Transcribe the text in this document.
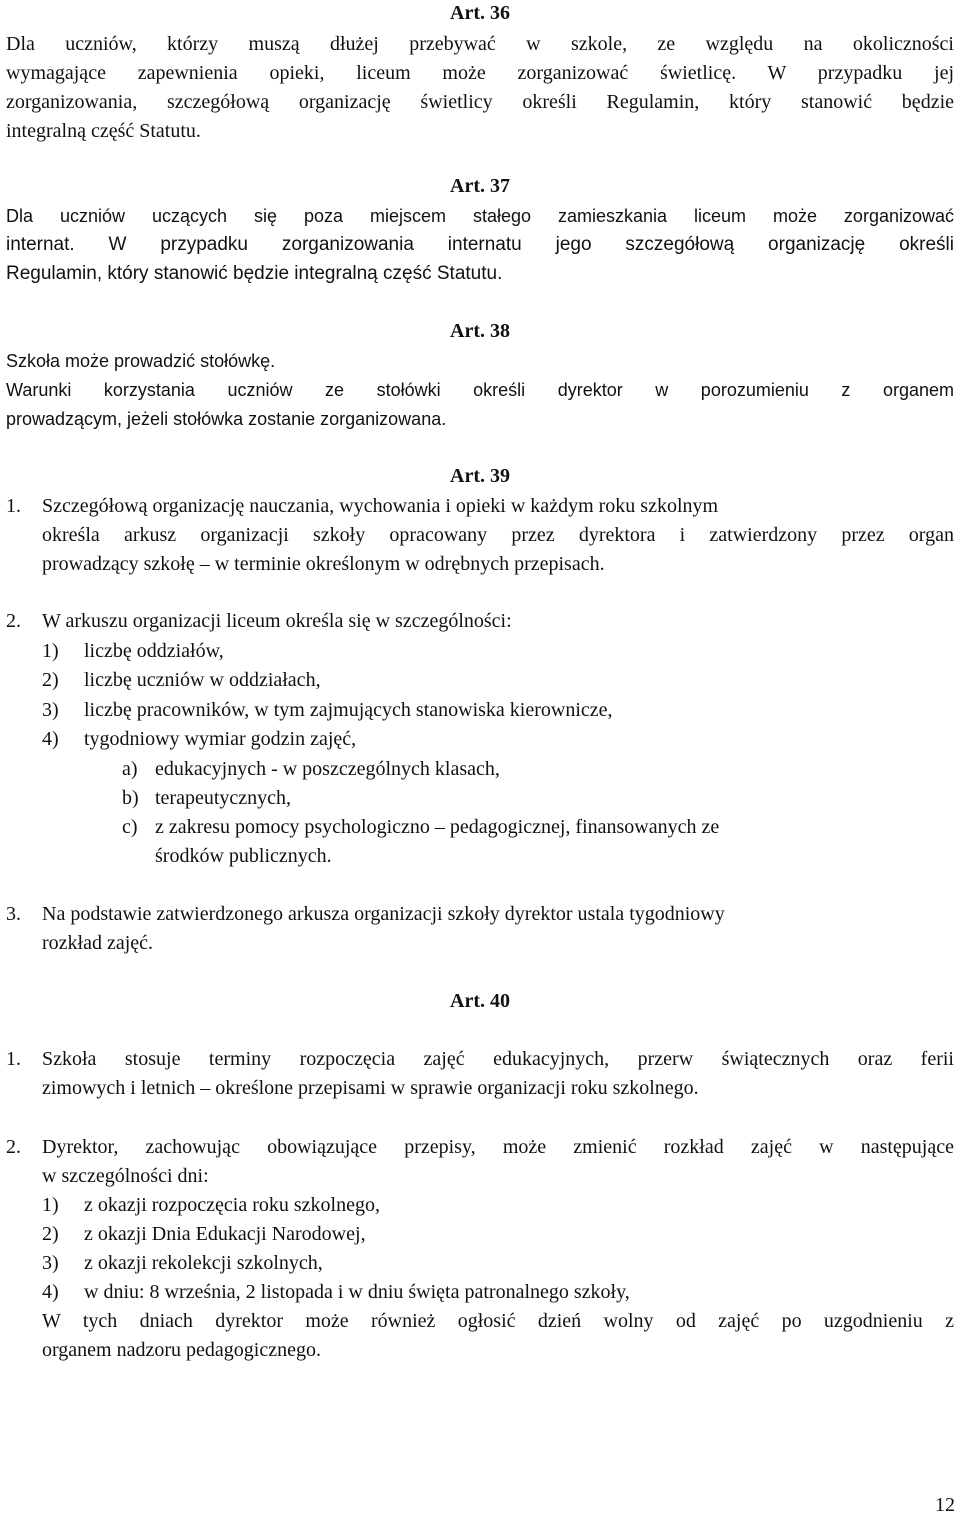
Art. 36
Dla uczniów, którzy muszą dłużej przebywać w szkole, ze względu na okoliczności
wymagające zapewnienia opieki, liceum może zorganizować świetlicę. W przypadku jej
zorganizowania, szczegółową organizację świetlicy określi Regulamin, który stanowić będzie
integralną część Statutu.
Art. 37
Dla uczniów uczących się poza miejscem stałego zamieszkania liceum może zorganizować
internat. W przypadku zorganizowania internatu jego szczegółową organizację określi
Regulamin, który stanowić będzie integralną część Statutu.
Art. 38
Szkoła może prowadzić stołówkę.
Warunki korzystania uczniów ze stołówki określi dyrektor w porozumieniu z organem
prowadzącym, jeżeli stołówka zostanie zorganizowana.
Art. 39
1. Szczegółową organizację nauczania, wychowania i opieki w każdym roku szkolnym
określa arkusz organizacji szkoły opracowany przez dyrektora i zatwierdzony przez organ
prowadzący szkołę – w terminie określonym w odrębnych przepisach.
2. W arkuszu organizacji liceum określa się w szczególności:
1) liczbę oddziałów,
2) liczbę uczniów w oddziałach,
3) liczbę pracowników, w tym zajmujących stanowiska kierownicze,
4) tygodniowy wymiar godzin zajęć,
a) edukacyjnych - w poszczególnych klasach,
b) terapeutycznych,
c) z zakresu pomocy psychologiczno – pedagogicznej, finansowanych ze
środków publicznych.
3. Na podstawie zatwierdzonego arkusza organizacji szkoły dyrektor ustala tygodniowy
rozkład zajęć.
Art. 40
1. Szkoła stosuje terminy rozpoczęcia zajęć edukacyjnych, przerw świątecznych oraz ferii
zimowych i letnich – określone przepisami w sprawie organizacji roku szkolnego.
2. Dyrektor, zachowując obowiązujące przepisy, może zmienić rozkład zajęć w następujące
w szczególności dni:
1) z okazji rozpoczęcia roku szkolnego,
2) z okazji Dnia Edukacji Narodowej,
3) z okazji rekolekcji szkolnych,
4) w dniu: 8 września, 2 listopada i w dniu święta patronalnego szkoły,
W tych dniach dyrektor może również ogłosić dzień wolny od zajęć po uzgodnieniu z
organem nadzoru pedagogicznego.
12
